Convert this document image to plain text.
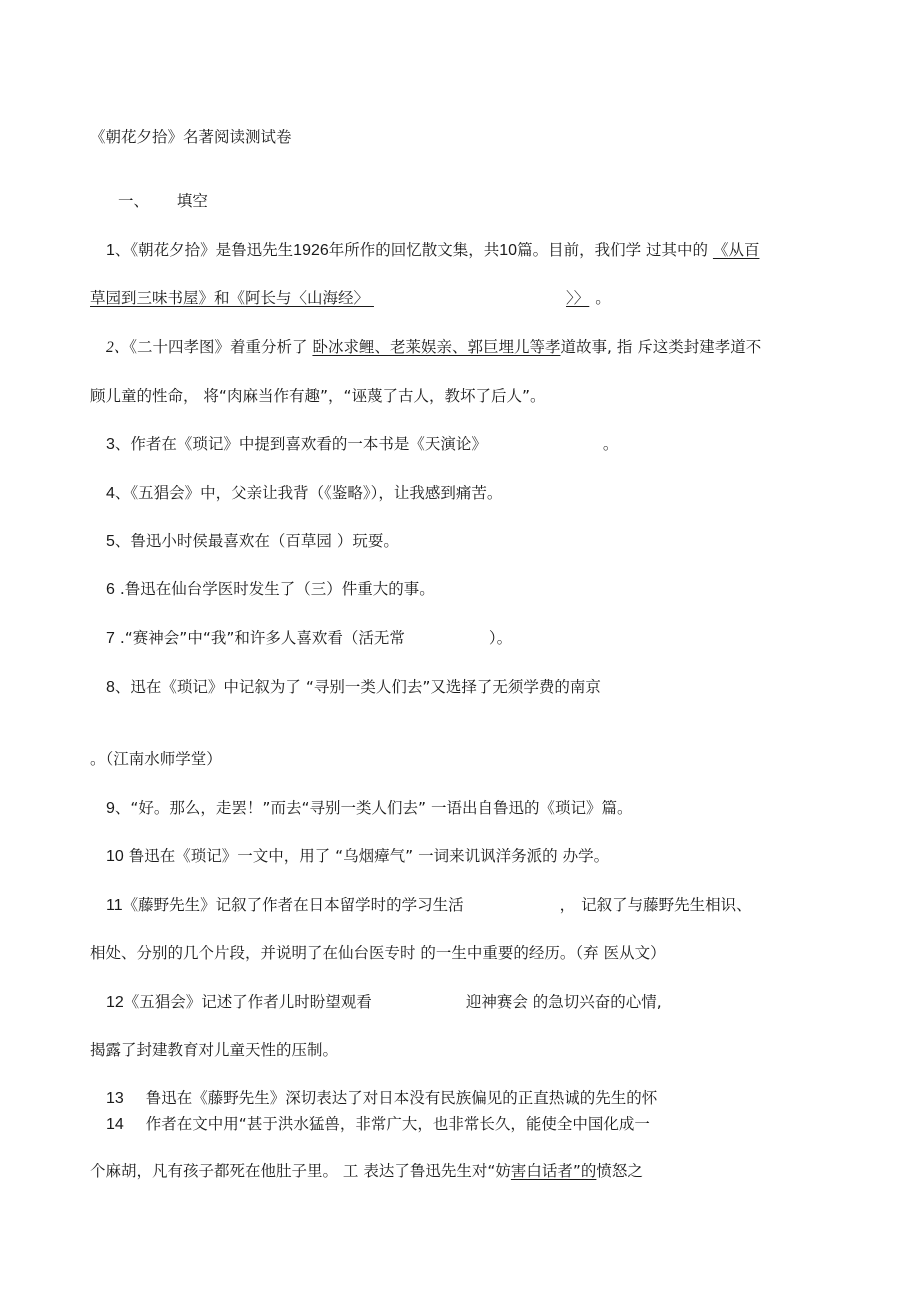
《朝花夕拾》名著阅读测试卷
一、 填空
1、《朝花夕拾》是鲁迅先生1926年所作的回忆散文集，共10篇。目前，我们学 过其中的 《从百
草园到三味书屋》和《阿长与〈山海经〉	〉〉 。
2、《二十四孝图》着重分析了 卧冰求鲤、老莱娱亲、郭巨埋儿等孝道故事, 指 斥这类封建孝道不
顾儿童的性命， 将“肉麻当作有趣”，“诬蔑了古人，教坏了后人”。
3、作者在《琐记》中提到喜欢看的一本书是《天演论》	。
4、《五猖会》中，父亲让我背（《鉴略》），让我感到痛苦。
5、鲁迅小时侯最喜欢在（百草园 ）玩耍。
6 .鲁迅在仙台学医时发生了（三）件重大的事。
7 .“赛神会”中“我”和许多人喜欢看（活无常	）。
8、迅在《琐记》中记叙为了 “寻别一类人们去”又选择了无须学费的南京
。（江南水师学堂）
9、“好。那么，走罢！”而去“寻别一类人们去” 一语出自鲁迅的《琐记》篇。
10 鲁迅在《琐记》一文中，用了 “乌烟瘴气” 一词来讥讽洋务派的 办学。
11《藤野先生》记叙了作者在日本留学时的学习生活	， 记叙了与藤野先生相识、
相处、分别的几个片段，并说明了在仙台医专时 的一生中重要的经历。（弃 医从文）
12《五猖会》记述了作者儿时盼望观看	迎神赛会 的急切兴奋的心情,
揭露了封建教育对儿童天性的压制。
13 鲁迅在《藤野先生》深切表达了对日本没有民族偏见的正直热诚的先生的怀
14 作者在文中用“甚于洪水猛兽，非常广大，也非常长久，能使全中国化成一
个麻胡，凡有孩子都死在他肚子里。 工 表达了鲁迅先生对“妨害白话者”的愤怒之
